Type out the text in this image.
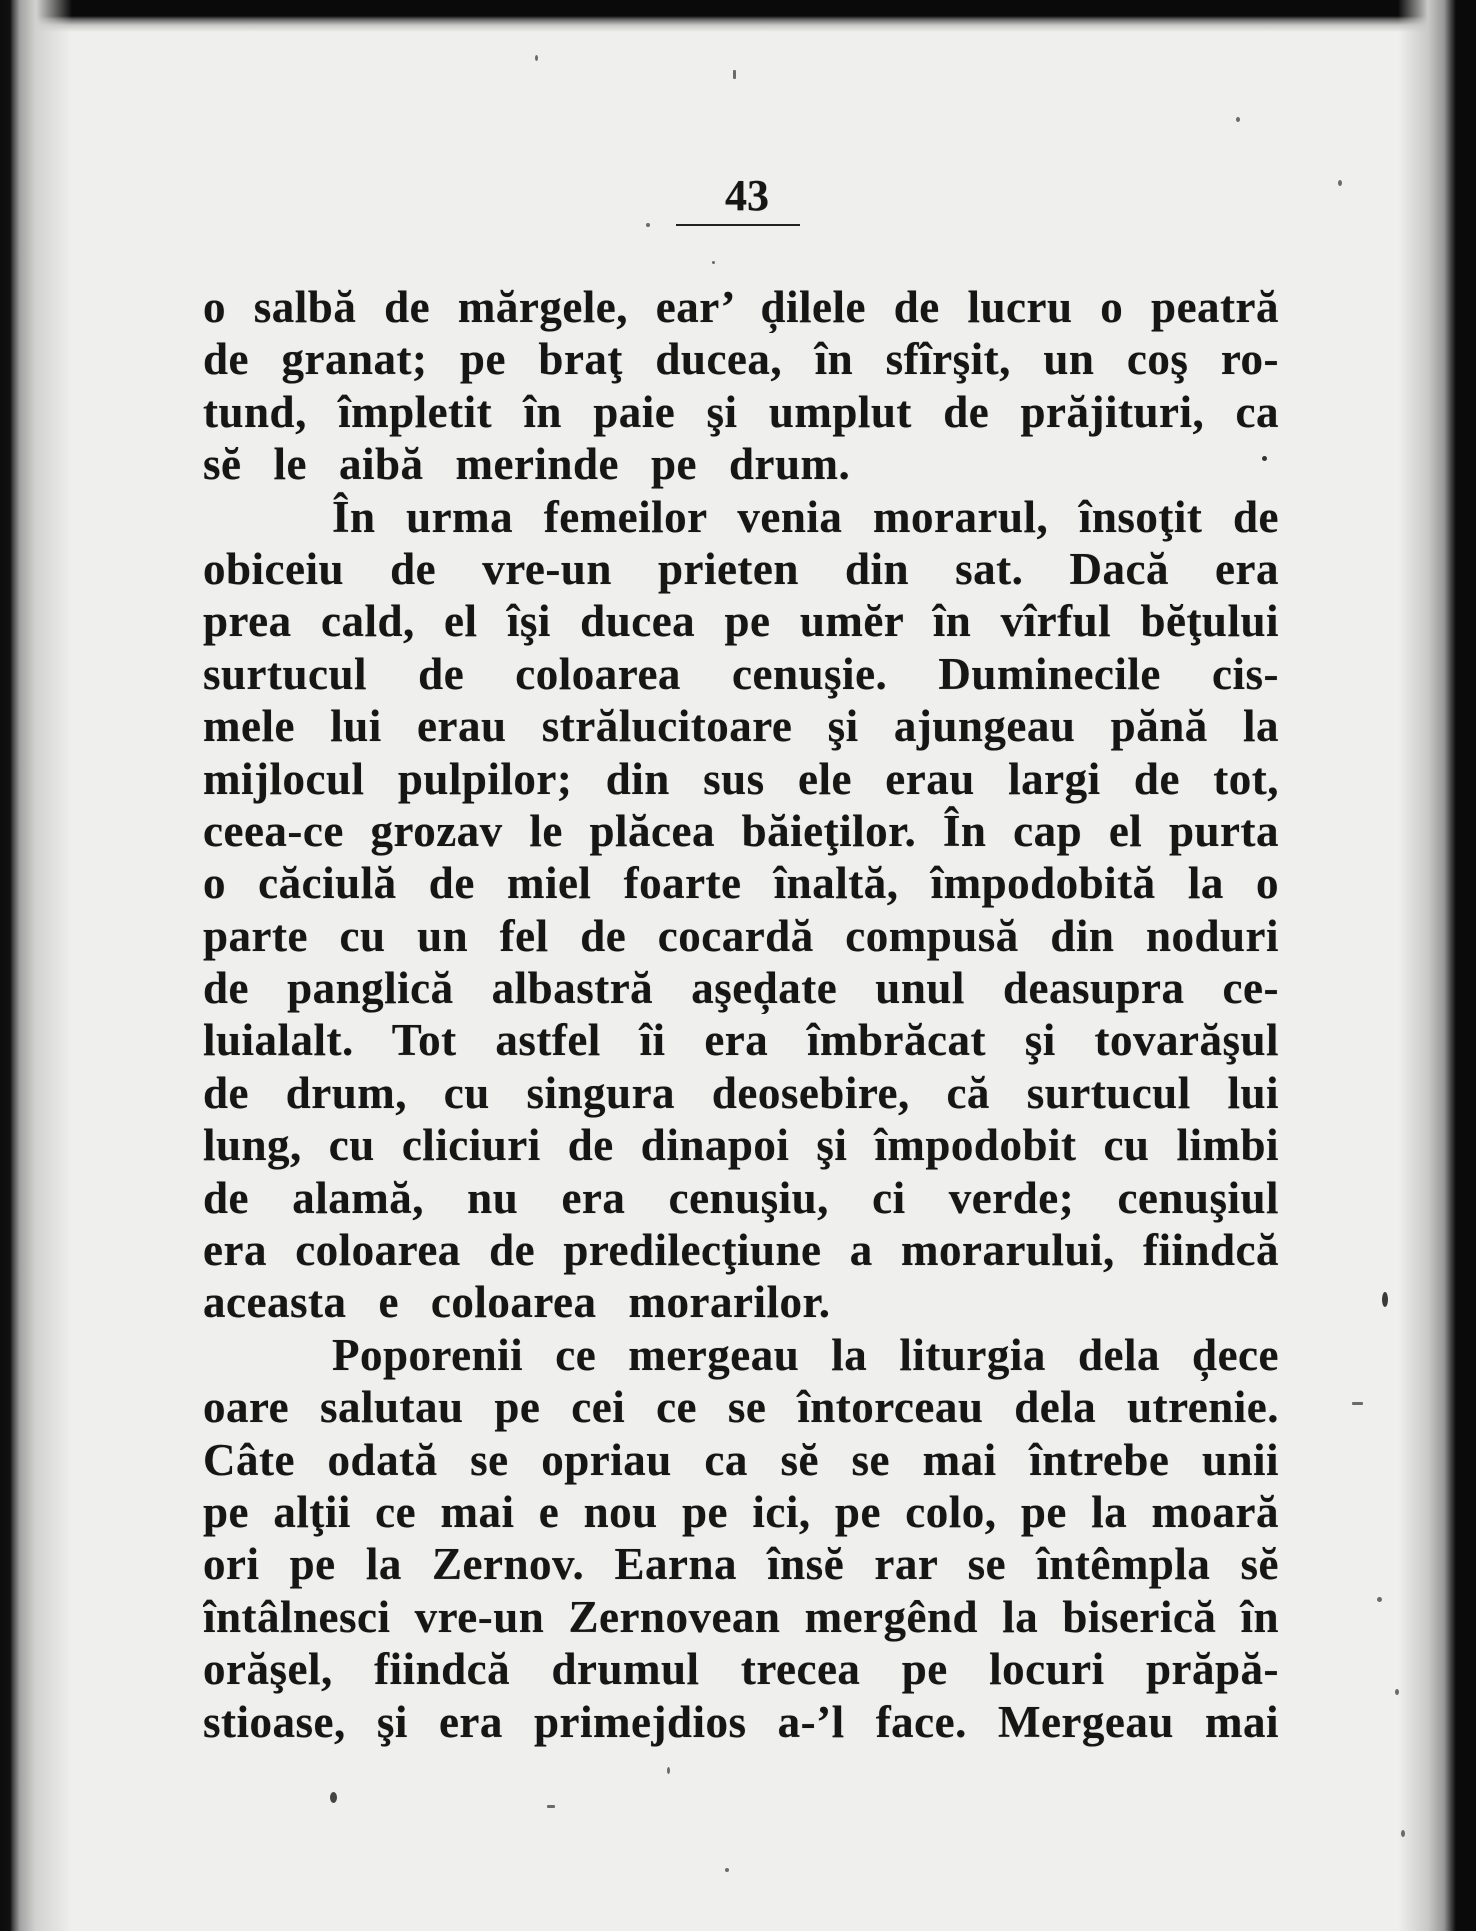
43
o salbă de mărgele, ear’ ḑilele de lucru o peatră
de granat; pe braţ ducea, în sfîrşit, un coş ro-
tund, împletit în paie şi umplut de prăjituri, ca
sĕ le aibă merinde pe drum.
În urma femeilor venia morarul, însoţit de
obiceiu de vre-un prieten din sat. Dacă era
prea cald, el îşi ducea pe umĕr în vîrful bĕţului
surtucul de coloarea cenuşie. Duminecile cis-
mele lui erau strălucitoare şi ajungeau pănă la
mijlocul pulpilor; din sus ele erau largi de tot,
ceea-ce grozav le plăcea băieţilor. În cap el purta
o căciulă de miel foarte înaltă, împodobită la o
parte cu un fel de cocardă compusă din noduri
de panglică albastră aşeḑate unul deasupra ce-
luialalt. Tot astfel îi era îmbrăcat şi tovarăşul
de drum, cu singura deosebire, că surtucul lui
lung, cu cliciuri de dinapoi şi împodobit cu limbi
de alamă, nu era cenuşiu, ci verde; cenuşiul
era coloarea de predilecţiune a morarului, fiindcă
aceasta e coloarea morarilor.
Poporenii ce mergeau la liturgia dela ḑece
oare salutau pe cei ce se întorceau dela utrenie.
Câte odată se opriau ca sĕ se mai întrebe unii
pe alţii ce mai e nou pe ici, pe colo, pe la moară
ori pe la Zernov. Earna însĕ rar se întêmpla sĕ
întâlnesci vre-un Zernovean mergênd la biserică în
orăşel, fiindcă drumul trecea pe locuri prăpă-
stioase, şi era primejdios a-’l face. Mergeau mai
